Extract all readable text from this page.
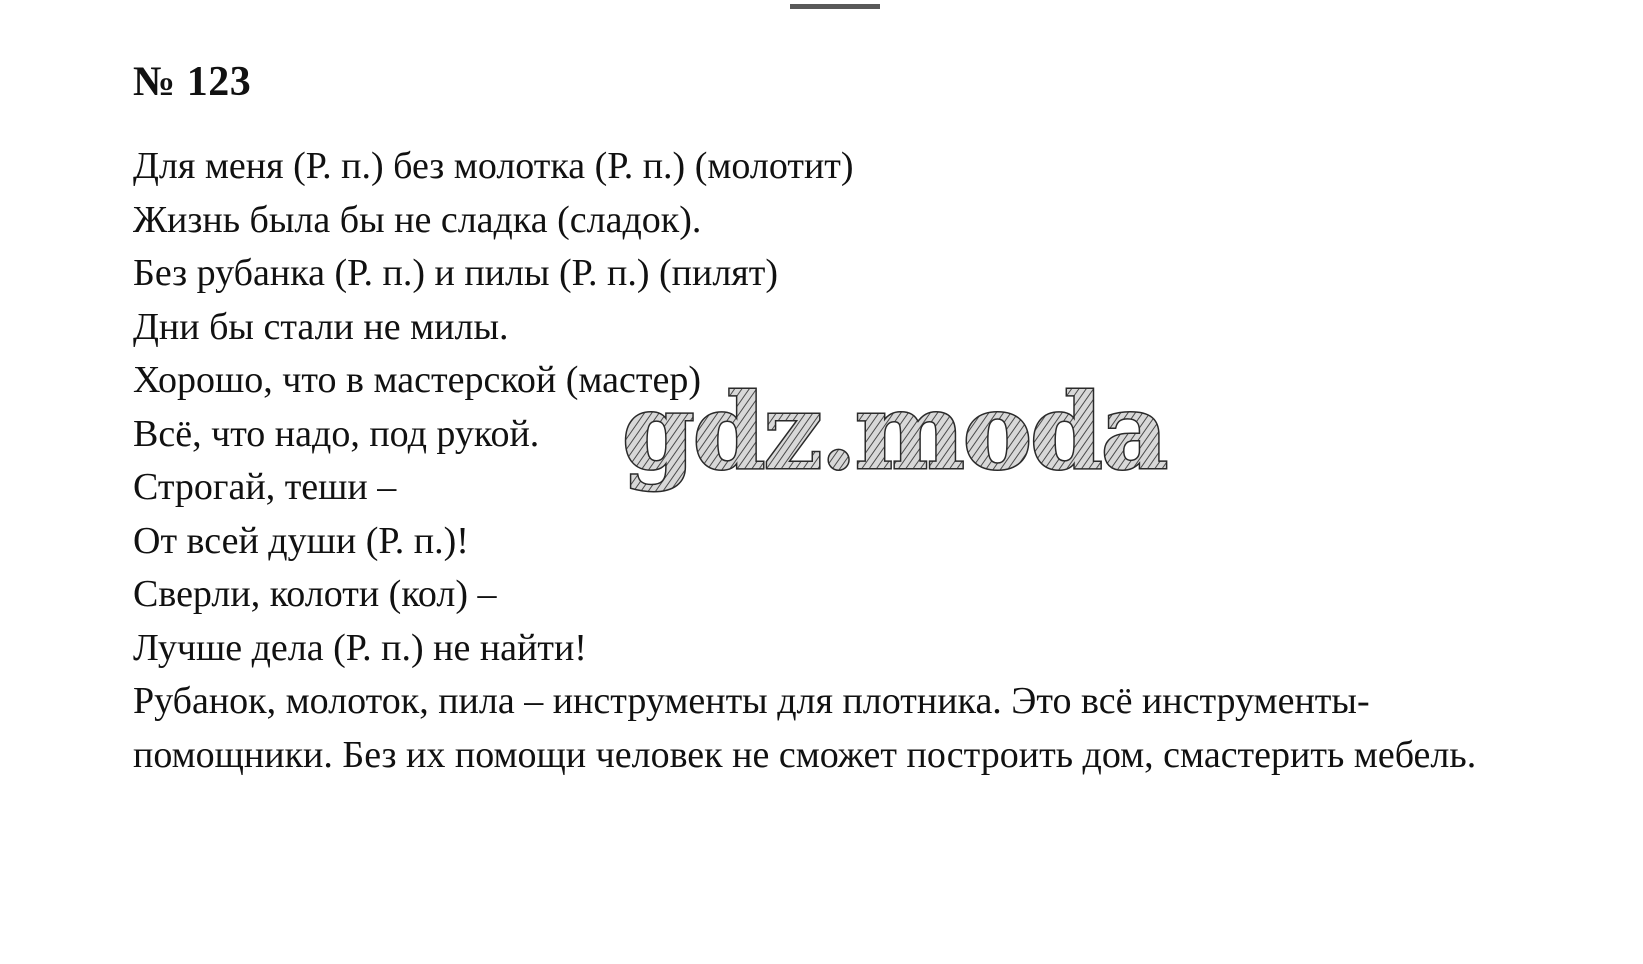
№ 123
Для меня (Р. п.) без молотка (Р. п.) (молотит)
Жизнь была бы не сладка (сладок).
Без рубанка (Р. п.) и пилы (Р. п.) (пилят)
Дни бы стали не милы.
Хорошо, что в мастерской (мастер)
Всё, что надо, под рукой.
Строгай, теши –
От всей души (Р. п.)!
Сверли, колоти (кол) –
Лучше дела (Р. п.) не найти!

Рубанок, молоток, пила – инструменты для плотника. Это всё инструменты-помощники. Без их помощи человек не сможет построить дом, смастерить мебель.

gdz.moda
